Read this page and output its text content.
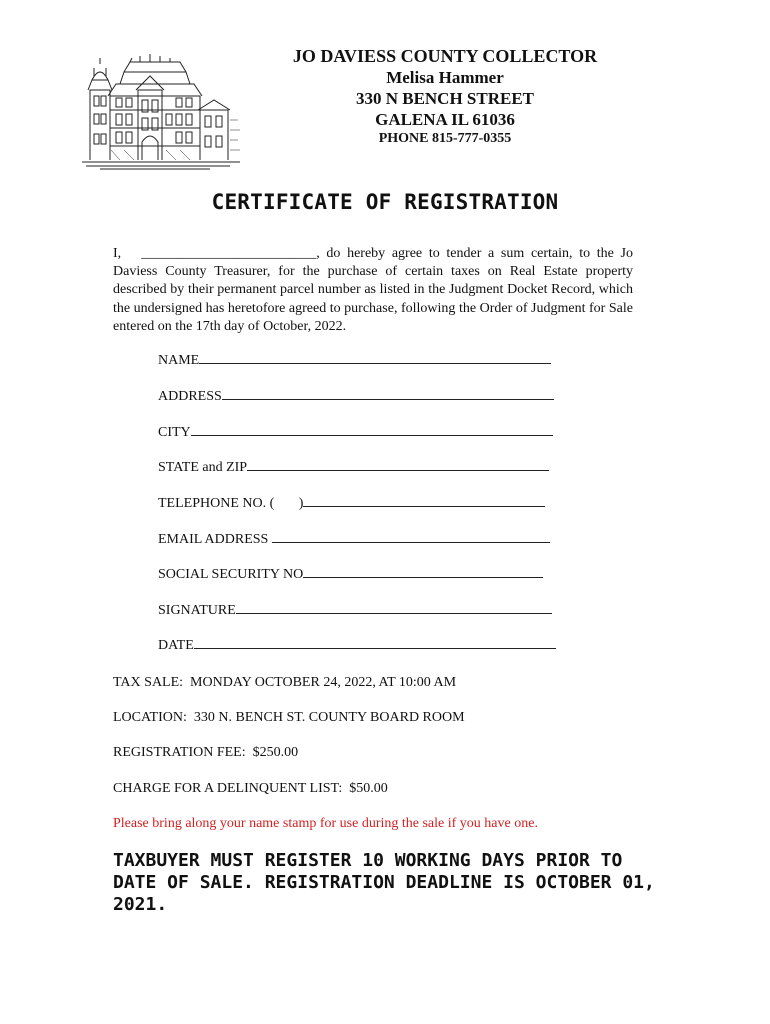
JO DAVIESS COUNTY COLLECTOR
Melisa Hammer
330 N BENCH STREET
GALENA IL 61036
PHONE 815-777-0355
CERTIFICATE OF REGISTRATION
I, _________________________, do hereby agree to tender a sum certain, to the Jo Daviess County Treasurer, for the purchase of certain taxes on Real Estate property described by their permanent parcel number as listed in the Judgment Docket Record, which the undersigned has heretofore agreed to purchase, following the Order of Judgment for Sale entered on the 17th day of October, 2022.
NAME
ADDRESS
CITY
STATE and ZIP
TELEPHONE NO. (       )
EMAIL ADDRESS
SOCIAL SECURITY NO
SIGNATURE
DATE
TAX SALE:  MONDAY OCTOBER 24, 2022, AT 10:00 AM
LOCATION:  330 N. BENCH ST. COUNTY BOARD ROOM
REGISTRATION FEE:  $250.00
CHARGE FOR A DELINQUENT LIST:  $50.00
Please bring along your name stamp for use during the sale if you have one.
TAXBUYER MUST REGISTER 10 WORKING DAYS PRIOR TO DATE OF SALE. REGISTRATION DEADLINE IS OCTOBER 01, 2021.
